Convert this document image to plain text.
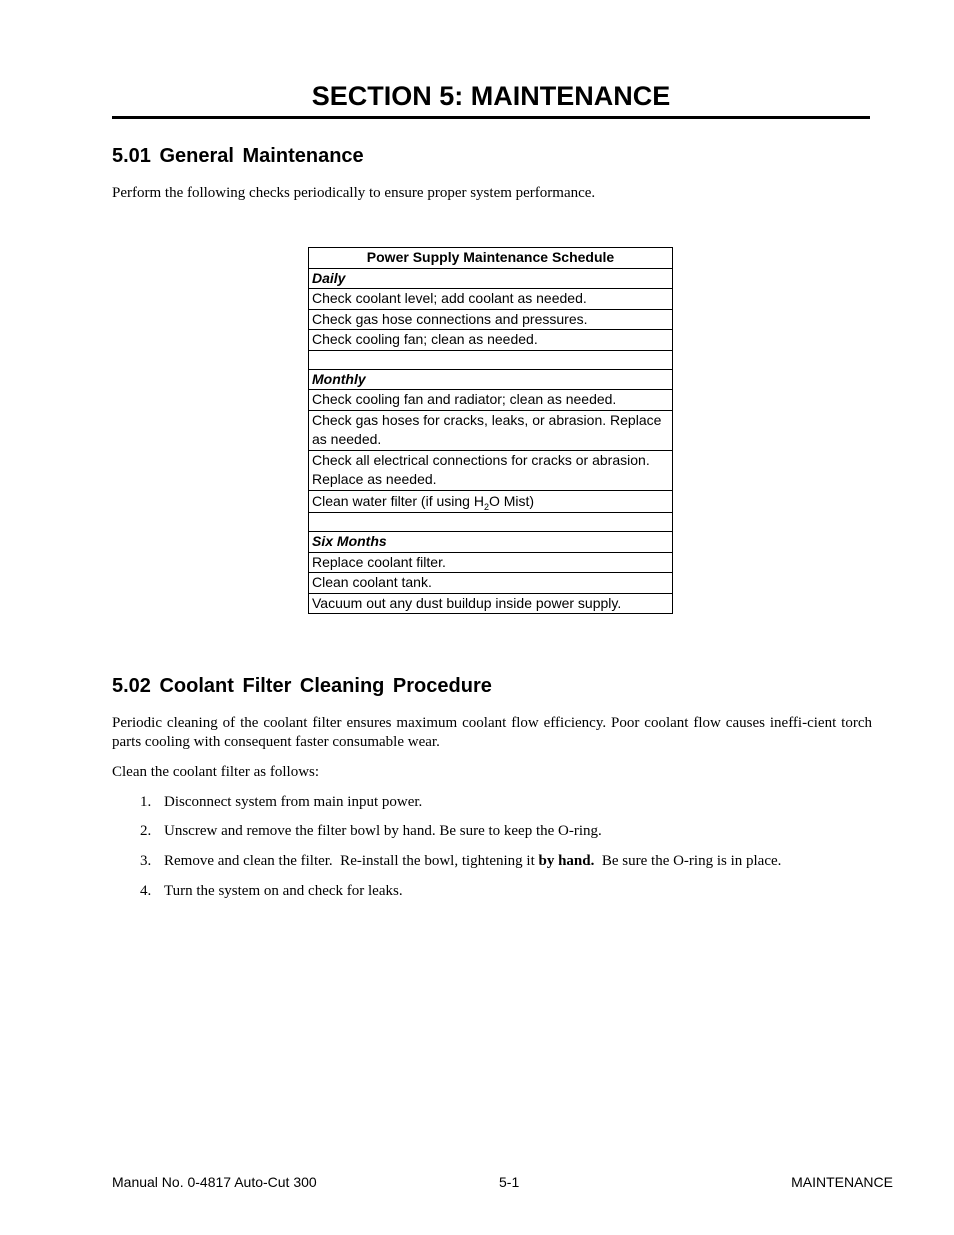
SECTION 5: MAINTENANCE
5.01 General Maintenance
Perform the following checks periodically to ensure proper system performance.
Power Supply Maintenance Schedule
Daily
Check coolant level; add coolant as needed.
Check gas hose connections and pressures.
Check cooling fan; clean as needed.

Monthly
Check cooling fan and radiator; clean as needed.
Check gas hoses for cracks, leaks, or abrasion. Replace as needed.
Check all electrical connections for cracks or abrasion. Replace as needed.
Clean water filter (if using $H_2O$ Mist)

Six Months
Replace coolant filter.
Clean coolant tank.
Vacuum out any dust buildup inside power supply.
5.02 Coolant Filter Cleaning Procedure
Periodic cleaning of the coolant filter ensures maximum coolant flow efficiency. Poor coolant flow causes ineffi-cient torch parts cooling with consequent faster consumable wear.
Clean the coolant filter as follows:
1. Disconnect system from main input power.
2. Unscrew and remove the filter bowl by hand. Be sure to keep the O-ring.
3. Remove and clean the filter.  Re-install the bowl, tightening it by hand.  Be sure the O-ring is in place.
4. Turn the system on and check for leaks.
Manual No. 0-4817 Auto-Cut 300	5-1	MAINTENANCE
